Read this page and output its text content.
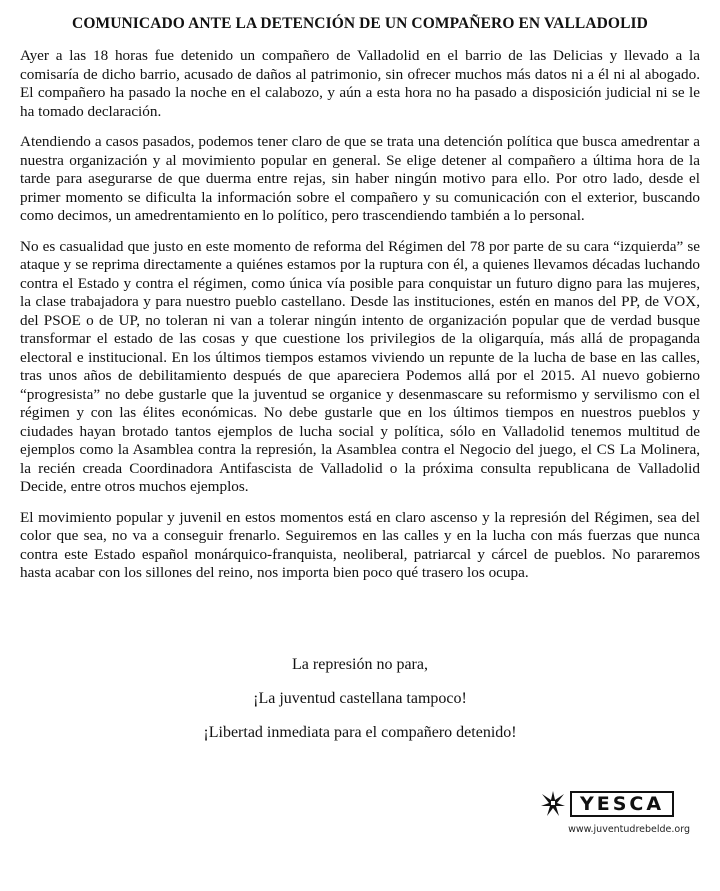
COMUNICADO ANTE LA DETENCIÓN DE UN COMPAÑERO EN VALLADOLID

Ayer a las 18 horas fue detenido un compañero de Valladolid en el barrio de las Delicias y llevado a la comisaría de dicho barrio, acusado de daños al patrimonio, sin ofrecer muchos más datos ni a él ni al abogado. El compañero ha pasado la noche en el calabozo, y aún a esta hora no ha pasado a disposición judicial ni se le ha tomado declaración.

Atendiendo a casos pasados, podemos tener claro de que se trata una detención política que busca amedrentar a nuestra organización y al movimiento popular en general. Se elige detener al compañero a última hora de la tarde para asegurarse de que duerma entre rejas, sin haber ningún motivo para ello. Por otro lado, desde el primer momento se dificulta la información sobre el compañero y su comunicación con el exterior, buscando como decimos, un amedrentamiento en lo político, pero trascendiendo también a lo personal.

No es casualidad que justo en este momento de reforma del Régimen del 78 por parte de su cara “izquierda” se ataque y se reprima directamente a quiénes estamos por la ruptura con él, a quienes llevamos décadas luchando contra el Estado y contra el régimen, como única vía posible para conquistar un futuro digno para las mujeres, la clase trabajadora y para nuestro pueblo castellano. Desde las instituciones, estén en manos del PP, de VOX, del PSOE o de UP, no toleran ni van a tolerar ningún intento de organización popular que de verdad busque transformar el estado de las cosas y que cuestione los privilegios de la oligarquía, más allá de propaganda electoral e institucional. En los últimos tiempos estamos viviendo un repunte de la lucha de base en las calles, tras unos años de debilitamiento después de que apareciera Podemos allá por el 2015. Al nuevo gobierno “progresista” no debe gustarle que la juventud se organice y desenmascare su reformismo y servilismo con el régimen y con las élites económicas. No debe gustarle que en los últimos tiempos en nuestros pueblos y ciudades hayan brotado tantos ejemplos de lucha social y política, sólo en Valladolid tenemos multitud de ejemplos como la Asamblea contra la represión, la Asamblea contra el Negocio del juego, el CS La Molinera, la recién creada Coordinadora Antifascista de Valladolid o la próxima consulta republicana de Valladolid Decide, entre otros muchos ejemplos.

El movimiento popular y juvenil en estos momentos está en claro ascenso y la represión del Régimen, sea del color que sea, no va a conseguir frenarlo. Seguiremos en las calles y en la lucha con más fuerzas que nunca contra este Estado español monárquico-franquista, neoliberal, patriarcal y cárcel de pueblos. No pararemos hasta acabar con los sillones del reino, nos importa bien poco qué trasero los ocupa.

La represión no para,
¡La juventud castellana tampoco!
¡Libertad inmediata para el compañero detenido!
YESCA
www.juventudrebelde.org
